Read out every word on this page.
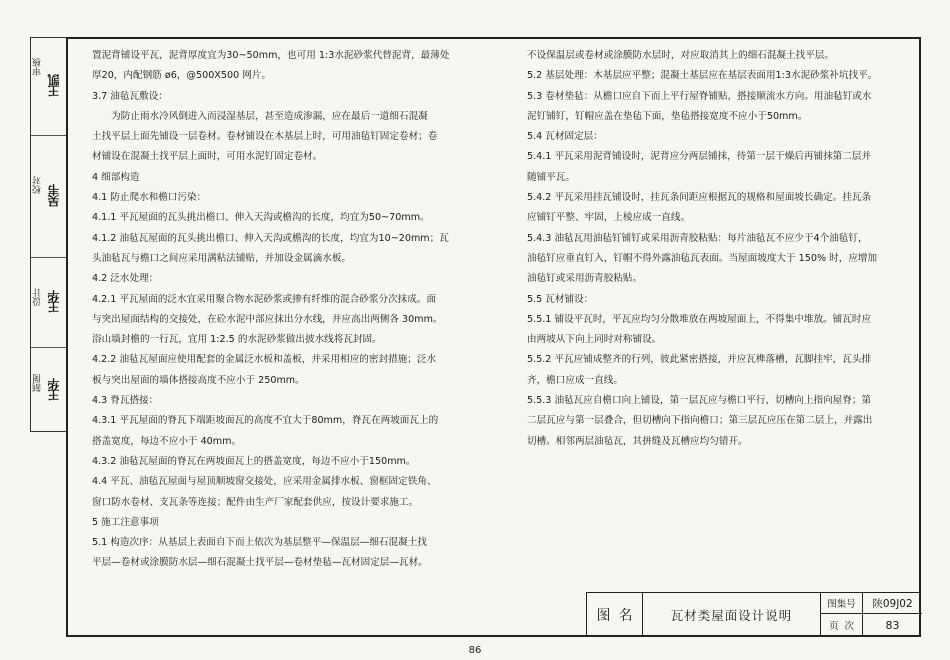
审核
王凯
校对
吴韦
设计 王华
制图 王华

置泥背铺设平瓦，泥背厚度宜为30~50mm，也可用 1:3水泥砂浆代替泥背，最薄处

厚20，内配钢筋 ø6，@500X500 网片。

3.7 油毡瓦敷设：

　　为防止雨水冷风倒进入而浸湿基层，甚至造成渗漏，应在最后一道细石混凝

土找平层上面先铺设一层卷材。卷材铺设在木基层上时，可用油毡钉固定卷材；卷

材铺设在混凝土找平层上面时，可用水泥钉固定卷材。

4 细部构造

4.1 防止爬水和檐口污染：

4.1.1 平瓦屋面的瓦头挑出檐口、伸入天沟或檐沟的长度，均宜为50~70mm。

4.1.2 油毡瓦屋面的瓦头挑出檐口、伸入天沟或檐沟的长度，均宜为10~20mm；瓦

头油毡瓦与檐口之间应采用满粘法铺贴，并加设金属滴水板。

4.2 泛水处理：

4.2.1 平瓦屋面的泛水宜采用聚合物水泥砂浆或掺有纤维的混合砂浆分次抹成。面

与突出屋面结构的交接处，在砼水泥中部应抹出分水线，并应高出两侧各 30mm。

浴山墙封檐的一行瓦，宜用 1:2.5 的水泥砂浆做出披水线将瓦封固。

4.2.2 油毡瓦屋面应使用配套的金属泛水板和盖板，并采用相应的密封措施；泛水

板与突出屋面的墙体搭接高度不应小于 250mm。

4.3 脊瓦搭接：

4.3.1 平瓦屋面的脊瓦下端距坡面瓦的高度不宜大于80mm，脊瓦在两坡面瓦上的

搭盖宽度，每边不应小于 40mm。

4.3.2 油毡瓦屋面的脊瓦在两坡面瓦上的搭盖宽度，每边不应小于150mm。

4.4 平瓦、油毡瓦屋面与屋顶顺坡窗交接处，应采用金属排水板、窗框固定铁角、

窗口防水卷材、支瓦条等连接；配件由生产厂家配套供应，按设计要求施工。

5 施工注意事项

5.1 构造次序：从基层上表面自下而上依次为基层整平—保温层—细石混凝土找

平层—卷材或涂膜防水层—细石混凝土找平层—卷材垫毡—瓦材固定层—瓦材。

不设保温层或卷材或涂膜防水层时，对应取消其上的细石混凝土找平层。

5.2 基层处理：木基层应平整；混凝土基层应在基层表面用1:3水泥砂浆补坑找平。

5.3 卷材垫毡：从檐口应自下而上平行屋脊铺贴，搭接顺流水方向。用油毡钉或水

泥钉铺钉，钉帽应盖在垫毡下面，垫毡搭接宽度不应小于50mm。

5.4 瓦材固定层：

5.4.1 平瓦采用泥背铺设时，泥背应分两层铺抹，待第一层干燥后再铺抹第二层并

随铺平瓦。

5.4.2 平瓦采用挂瓦铺设时，挂瓦条间距应根据瓦的规格和屋面坡长确定。挂瓦条

应铺钉平整、牢固，上棱应成一直线。

5.4.3 油毡瓦用油毡钉铺钉或采用沥青胶粘贴：每片油毡瓦不应少于4个油毡钉，

油毡钉应垂直钉入，钉帽不得外露油毡瓦表面。当屋面坡度大于 150% 时，应增加

油毡钉或采用沥青胶粘贴。

5.5 瓦材铺设：

5.5.1 铺设平瓦时，平瓦应均匀分散堆放在两坡屋面上，不得集中堆放。铺瓦时应

由两坡从下向上同时对称铺设。

5.5.2 平瓦应铺成整齐的行列，彼此紧密搭接，并应瓦榫落槽，瓦脚挂牢，瓦头排

齐，檐口应成一直线。

5.5.3 油毡瓦应自檐口向上铺设，第一层瓦应与檐口平行，切槽向上指向屋脊；第

二层瓦应与第一层叠合，但切槽向下指向檐口；第三层瓦应压在第二层上，并露出

切槽。相邻两层油毡瓦，其拼缝及瓦槽应均匀错开。

图名	瓦材类屋面设计说明
图集号	陕09J02
页次	83
86
